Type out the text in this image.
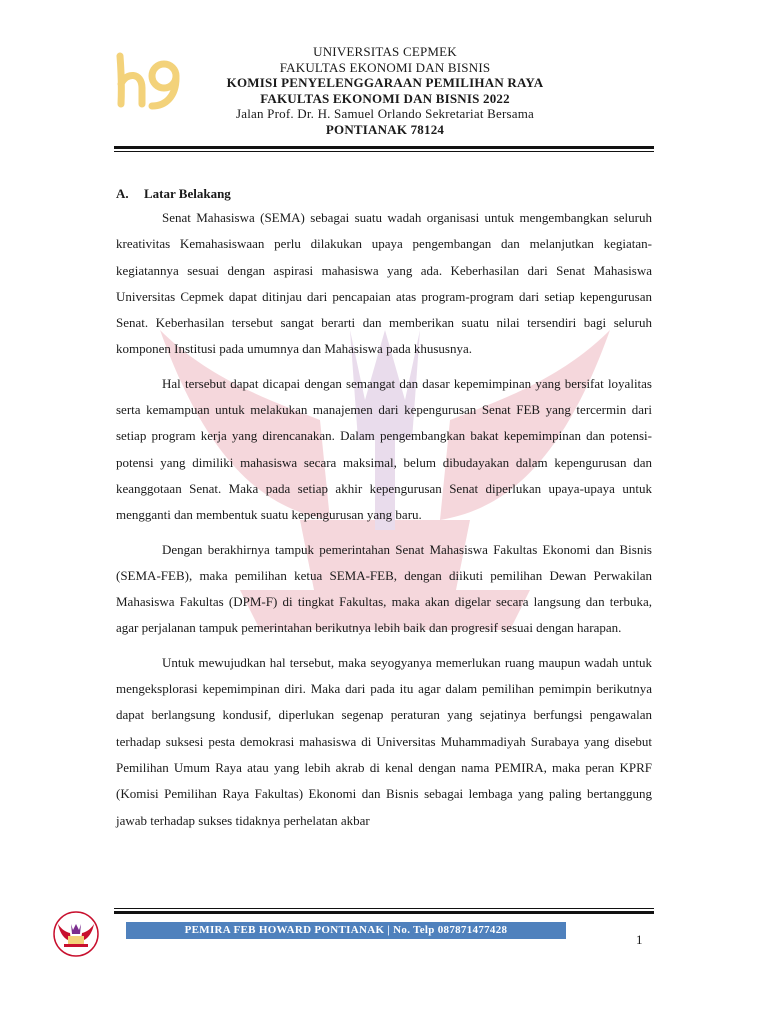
UNIVERSITAS CEPMEK
FAKULTAS EKONOMI DAN BISNIS
KOMISI PENYELENGGARAAN PEMILIHAN RAYA
FAKULTAS EKONOMI DAN BISNIS 2022
Jalan Prof. Dr. H. Samuel Orlando Sekretariat Bersama
PONTIANAK 78124
A. Latar Belakang

Senat Mahasiswa (SEMA) sebagai suatu wadah organisasi untuk mengembangkan seluruh kreativitas Kemahasiswaan perlu dilakukan upaya pengembangan dan melanjutkan kegiatan-kegiatannya sesuai dengan aspirasi mahasiswa yang ada. Keberhasilan dari Senat Mahasiswa Universitas Cepmek dapat ditinjau dari pencapaian atas program-program dari setiap kepengurusan Senat. Keberhasilan tersebut sangat berarti dan memberikan suatu nilai tersendiri bagi seluruh komponen Institusi pada umumnya dan Mahasiswa pada khususnya.

Hal tersebut dapat dicapai dengan semangat dan dasar kepemimpinan yang bersifat loyalitas serta kemampuan untuk melakukan manajemen dari kepengurusan Senat FEB yang tercermin dari setiap program kerja yang direncanakan. Dalam pengembangkan bakat kepemimpinan dan potensi-potensi yang dimiliki mahasiswa secara maksimal, belum dibudayakan dalam kepengurusan dan keanggotaan Senat. Maka pada setiap akhir kepengurusan Senat diperlukan upaya-upaya untuk mengganti dan membentuk suatu kepengurusan yang baru.

Dengan berakhirnya tampuk pemerintahan Senat Mahasiswa Fakultas Ekonomi dan Bisnis (SEMA-FEB), maka pemilihan ketua SEMA-FEB, dengan diikuti pemilihan Dewan Perwakilan Mahasiswa Fakultas (DPM-F) di tingkat Fakultas, maka akan digelar secara langsung dan terbuka, agar perjalanan tampuk pemerintahan berikutnya lebih baik dan progresif sesuai dengan harapan.

Untuk mewujudkan hal tersebut, maka seyogyanya memerlukan ruang maupun wadah untuk mengeksplorasi kepemimpinan diri. Maka dari pada itu agar dalam pemilihan pemimpin berikutnya dapat berlangsung kondusif, diperlukan segenap peraturan yang sejatinya berfungsi pengawalan terhadap suksesi pesta demokrasi mahasiswa di Universitas Muhammadiyah Surabaya yang disebut Pemilihan Umum Raya atau yang lebih akrab di kenal dengan nama PEMIRA, maka peran KPRF (Komisi Pemilihan Raya Fakultas) Ekonomi dan Bisnis sebagai lembaga yang paling bertanggung jawab terhadap sukses tidaknya perhelatan akbar

PEMIRA FEB HOWARD PONTIANAK | No. Telp 087871477428
1
